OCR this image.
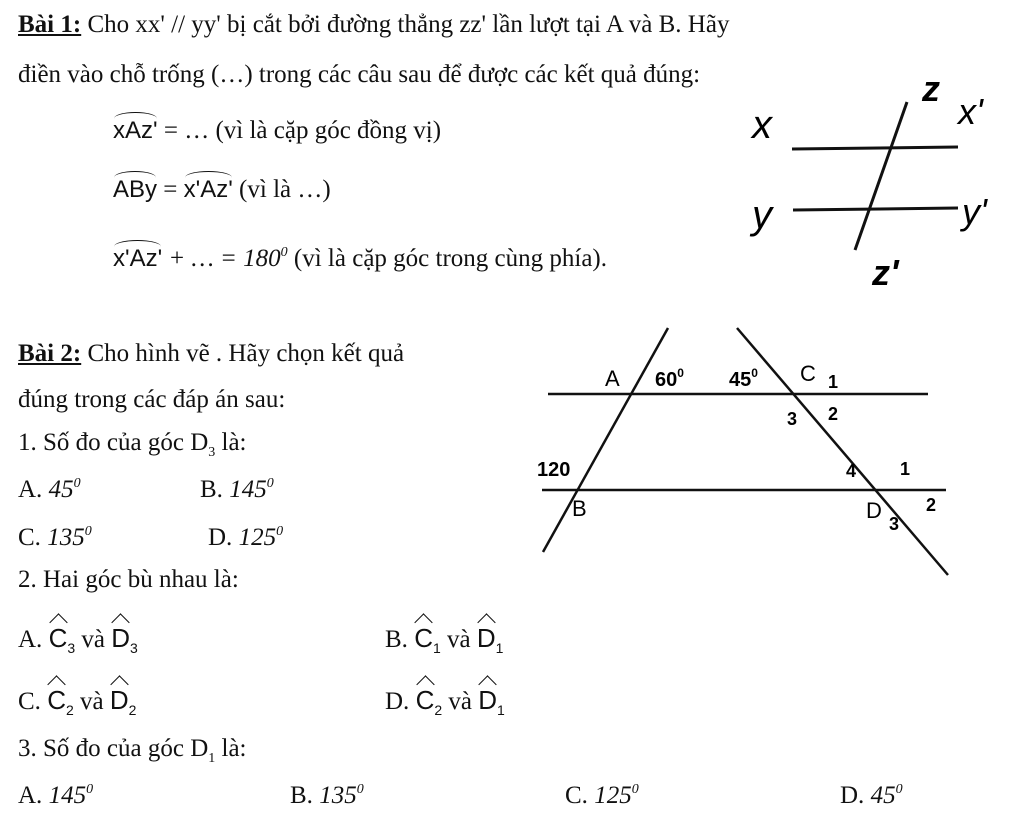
Bài 1: Cho xx' // yy' bị cắt bởi đường thẳng zz' lần lượt tại A và B. Hãy
điền vào chỗ trống (…) trong các câu sau để được các kết quả đúng:
xAz' = … (vì là cặp góc đồng vị)
ABy = x'Az' (vì là …)
x'Az' + … = $180^0$ (vì là cặp góc trong cùng phía).
z
x	x'
y	y'
z'
Bài 2: Cho hình vẽ . Hãy chọn kết quả
đúng trong các đáp án sau:
1. Số đo của góc $D_3$ là:
A. $45^0$	B. $145^0$
C. $135^0$	D. $125^0$
2. Hai góc bù nhau là:
A. $C_3$ và $D_3$	B. $C_1$ và $D_1$
C. $C_2$ và $D_2$	D. $C_2$ và $D_1$
3. Số đo của góc $D_1$ là:
A. $145^0$	B. $135^0$	C. $125^0$	D. $45^0$
A $60^0$ $45^0$ C 1
3 2
120	4 1
B	D
3
2
